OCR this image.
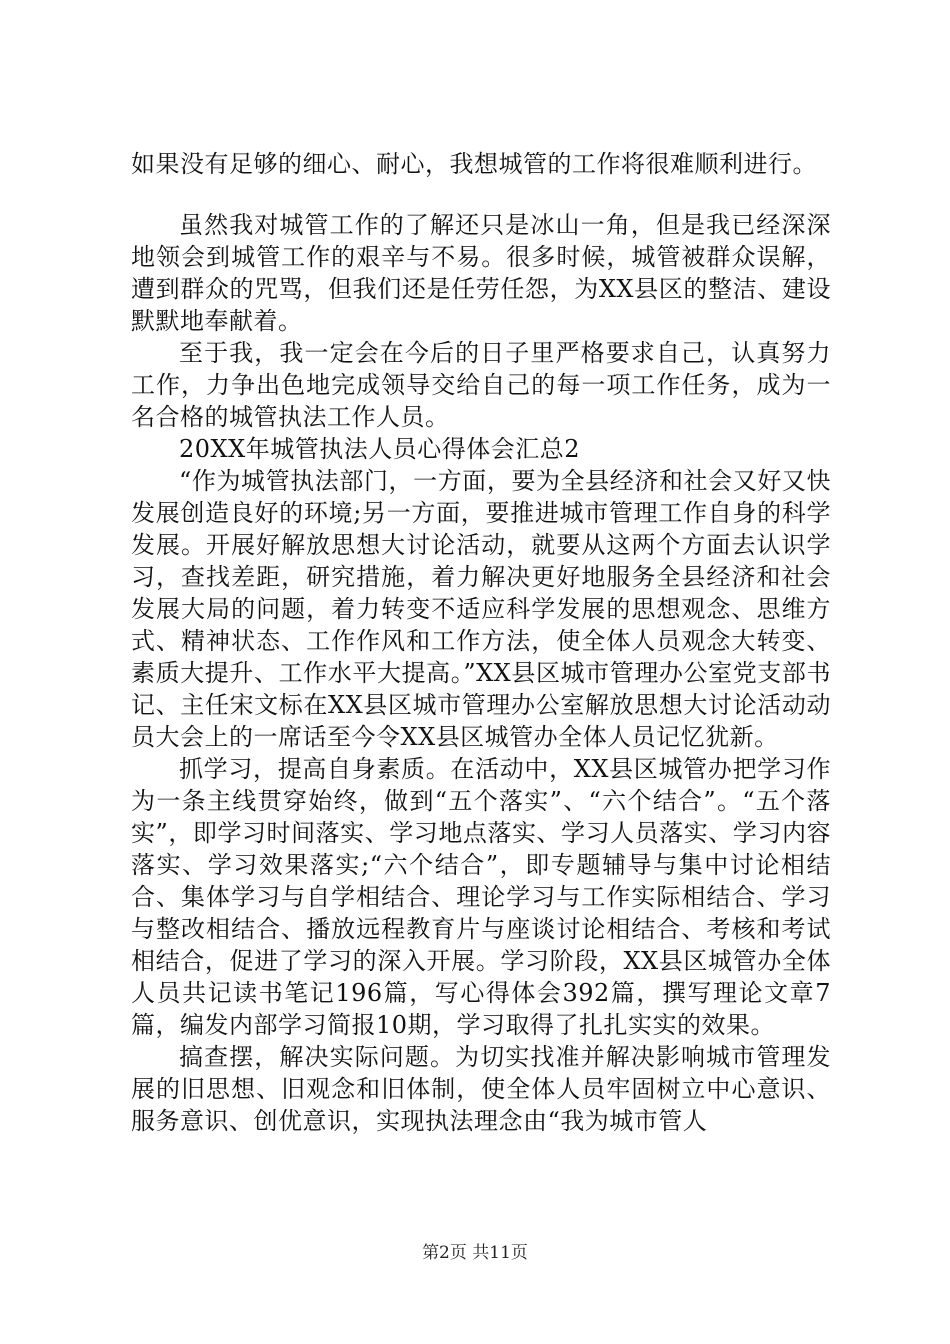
如果没有足够的细心、耐心，我想城管的工作将很难顺利进行。

虽然我对城管工作的了解还只是冰山一角，但是我已经深深地领会到城管工作的艰辛与不易。很多时候，城管被群众误解，遭到群众的咒骂，但我们还是任劳任怨，为XX县区的整洁、建设默默地奉献着。

至于我，我一定会在今后的日子里严格要求自己，认真努力工作，力争出色地完成领导交给自己的每一项工作任务，成为一名合格的城管执法工作人员。

20XX年城管执法人员心得体会汇总2

“作为城管执法部门，一方面，要为全县经济和社会又好又快发展创造良好的环境;另一方面，要推进城市管理工作自身的科学发展。开展好解放思想大讨论活动，就要从这两个方面去认识学习，查找差距，研究措施，着力解决更好地服务全县经济和社会发展大局的问题，着力转变不适应科学发展的思想观念、思维方式、精神状态、工作作风和工作方法，使全体人员观念大转变、素质大提升、工作水平大提高。”XX县区城市管理办公室党支部书记、主任宋文标在XX县区城市管理办公室解放思想大讨论活动动员大会上的一席话至今令XX县区城管办全体人员记忆犹新。

抓学习，提高自身素质。在活动中，XX县区城管办把学习作为一条主线贯穿始终，做到“五个落实”、“六个结合”。“五个落实”，即学习时间落实、学习地点落实、学习人员落实、学习内容落实、学习效果落实;“六个结合”，即专题辅导与集中讨论相结合、集体学习与自学相结合、理论学习与工作实际相结合、学习与整改相结合、播放远程教育片与座谈讨论相结合、考核和考试相结合，促进了学习的深入开展。学习阶段，XX县区城管办全体人员共记读书笔记196篇，写心得体会392篇，撰写理论文章7篇，编发内部学习简报10期，学习取得了扎扎实实的效果。

搞查摆，解决实际问题。为切实找准并解决影响城市管理发展的旧思想、旧观念和旧体制，使全体人员牢固树立中心意识、服务意识、创优意识，实现执法理念由“我为城市管人

第2页 共11页
